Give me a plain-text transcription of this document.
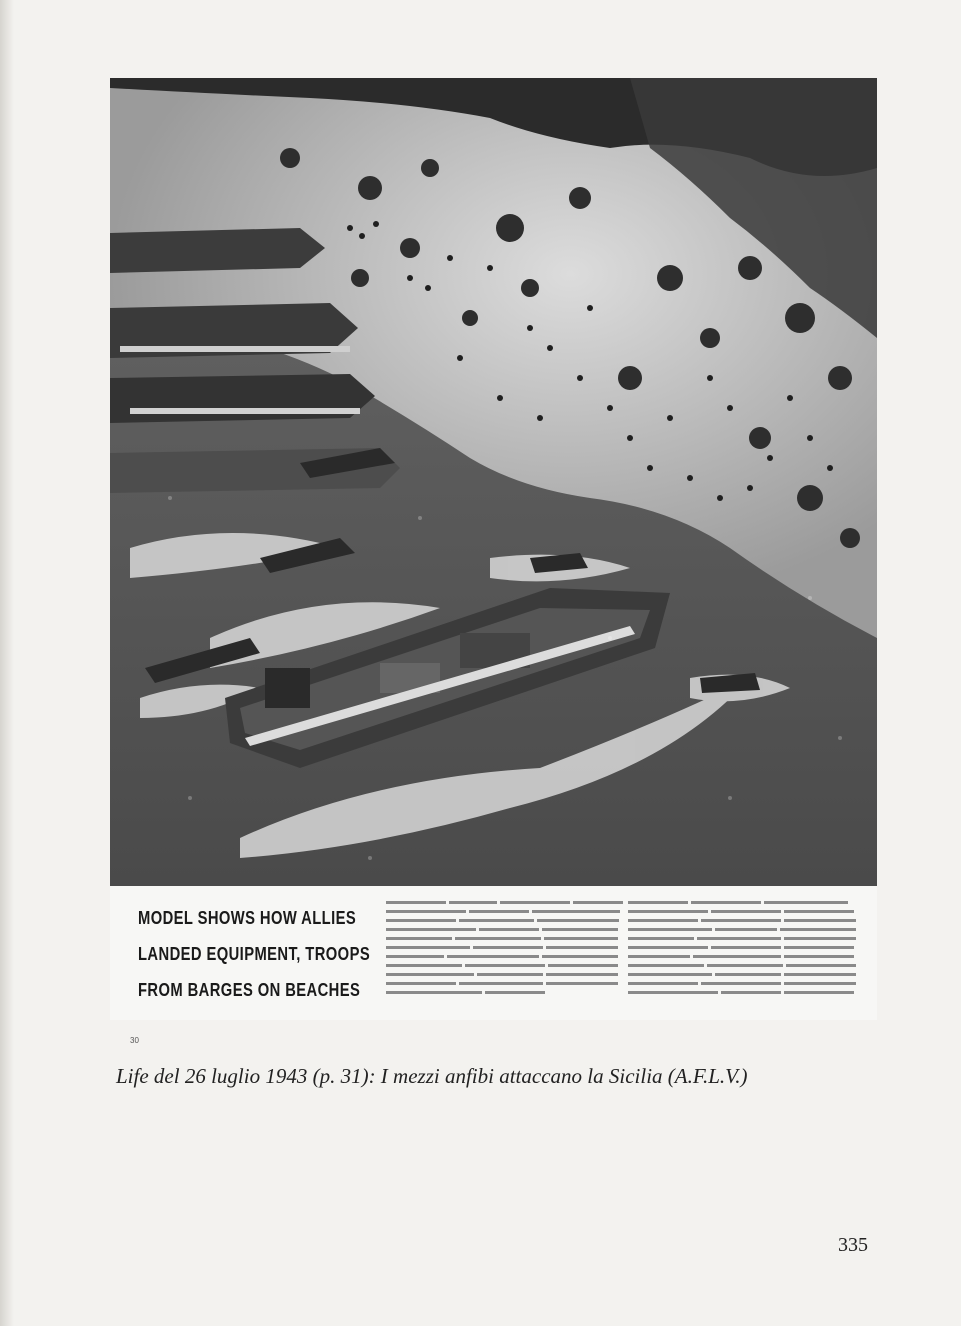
MODEL SHOWS HOW ALLIES
LANDED EQUIPMENT, TROOPS
FROM BARGES ON BEACHES
30
Life del 26 luglio 1943 (p. 31): I mezzi anfibi attaccano la Sicilia (A.F.L.V.)
335
